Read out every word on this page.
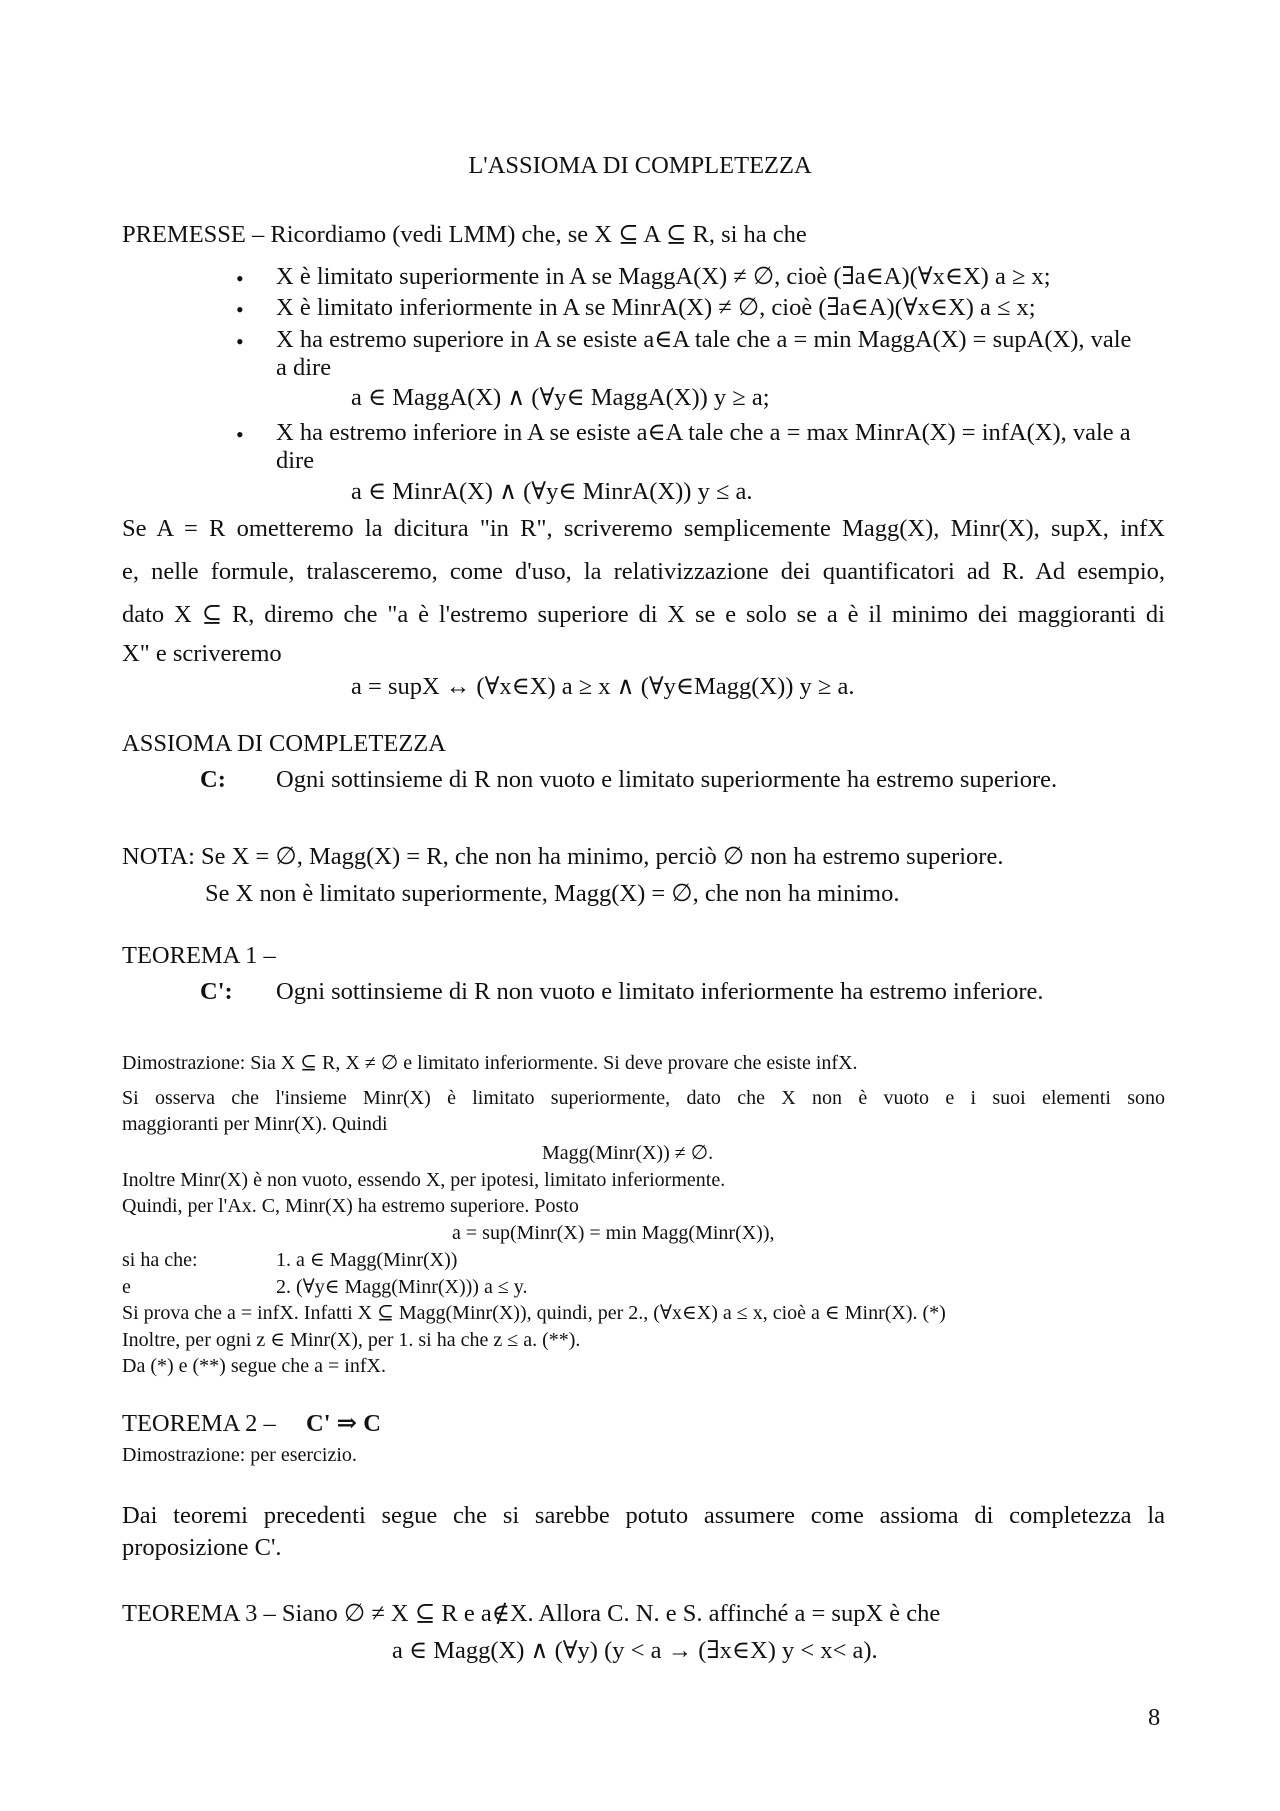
L'ASSIOMA DI COMPLETEZZA
PREMESSE – Ricordiamo (vedi LMM) che, se X ⊆ A ⊆ R, si ha che
• X è limitato superiormente in A se MaggA(X) ≠ ∅, cioè (∃a∈A)(∀x∈X) a ≥ x;
• X è limitato inferiormente in A se MinrA(X) ≠ ∅, cioè (∃a∈A)(∀x∈X) a ≤ x;
• X ha estremo superiore in A se esiste a∈A tale che a = min MaggA(X) = supA(X), vale
a dire
a ∈ MaggA(X) ∧ (∀y∈ MaggA(X)) y ≥ a;
• X ha estremo inferiore in A se esiste a∈A tale che a = max MinrA(X) = infA(X), vale a
dire
a ∈ MinrA(X) ∧ (∀y∈ MinrA(X)) y ≤ a.
Se A = R ometteremo la dicitura "in R", scriveremo semplicemente Magg(X), Minr(X), supX, infX
e, nelle formule, tralasceremo, come d'uso, la relativizzazione dei quantificatori ad R. Ad esempio,
dato X ⊆ R, diremo che "a è l'estremo superiore di X se e solo se a è il minimo dei maggioranti di
X" e scriveremo
a = supX ↔ (∀x∈X) a ≥ x ∧ (∀y∈Magg(X)) y ≥ a.
ASSIOMA DI COMPLETEZZA
C: Ogni sottinsieme di R non vuoto e limitato superiormente ha estremo superiore.
NOTA: Se X = ∅, Magg(X) = R, che non ha minimo, perciò ∅ non ha estremo superiore.
Se X non è limitato superiormente, Magg(X) = ∅, che non ha minimo.
TEOREMA 1 –
C': Ogni sottinsieme di R non vuoto e limitato inferiormente ha estremo inferiore.
Dimostrazione: Sia X ⊆ R, X ≠ ∅ e limitato inferiormente. Si deve provare che esiste infX.
Si osserva che l'insieme Minr(X) è limitato superiormente, dato che X non è vuoto e i suoi elementi sono
maggioranti per Minr(X). Quindi
Magg(Minr(X)) ≠ ∅.
Inoltre Minr(X) è non vuoto, essendo X, per ipotesi, limitato inferiormente.
Quindi, per l'Ax. C, Minr(X) ha estremo superiore. Posto
a = sup(Minr(X) = min Magg(Minr(X)),
si ha che:	1. a ∈ Magg(Minr(X))
e	2. (∀y∈ Magg(Minr(X))) a ≤ y.
Si prova che a = infX. Infatti X ⊆ Magg(Minr(X)), quindi, per 2., (∀x∈X) a ≤ x, cioè a ∈ Minr(X). (*)
Inoltre, per ogni z ∈ Minr(X), per 1. si ha che z ≤ a. (**).
Da (*) e (**) segue che a = infX.
TEOREMA 2 – C' ⇒ C
Dimostrazione: per esercizio.
Dai teoremi precedenti segue che si sarebbe potuto assumere come assioma di completezza la
proposizione C'.
TEOREMA 3 – Siano ∅ ≠ X ⊆ R e a∉X. Allora C. N. e S. affinché a = supX è che
a ∈ Magg(X) ∧ (∀y) (y < a → (∃x∈X) y < x< a).
8
